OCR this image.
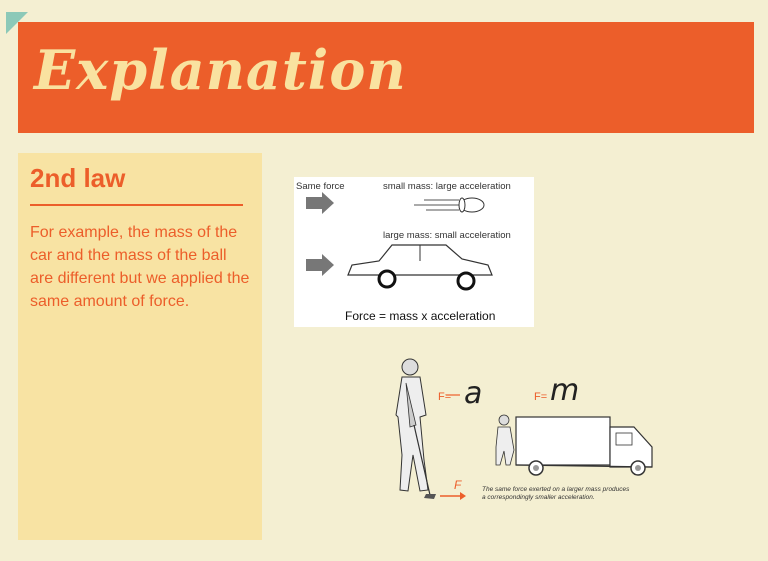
Explanation
2nd law

For example, the mass of the car and the mass of the ball are different but we applied the same amount of force.

Same force	small mass: large acceleration
large mass: small acceleration
Force = mass x acceleration
F= a	F= m
F	The same force exerted on a larger mass produces
a correspondingly smaller acceleration.
